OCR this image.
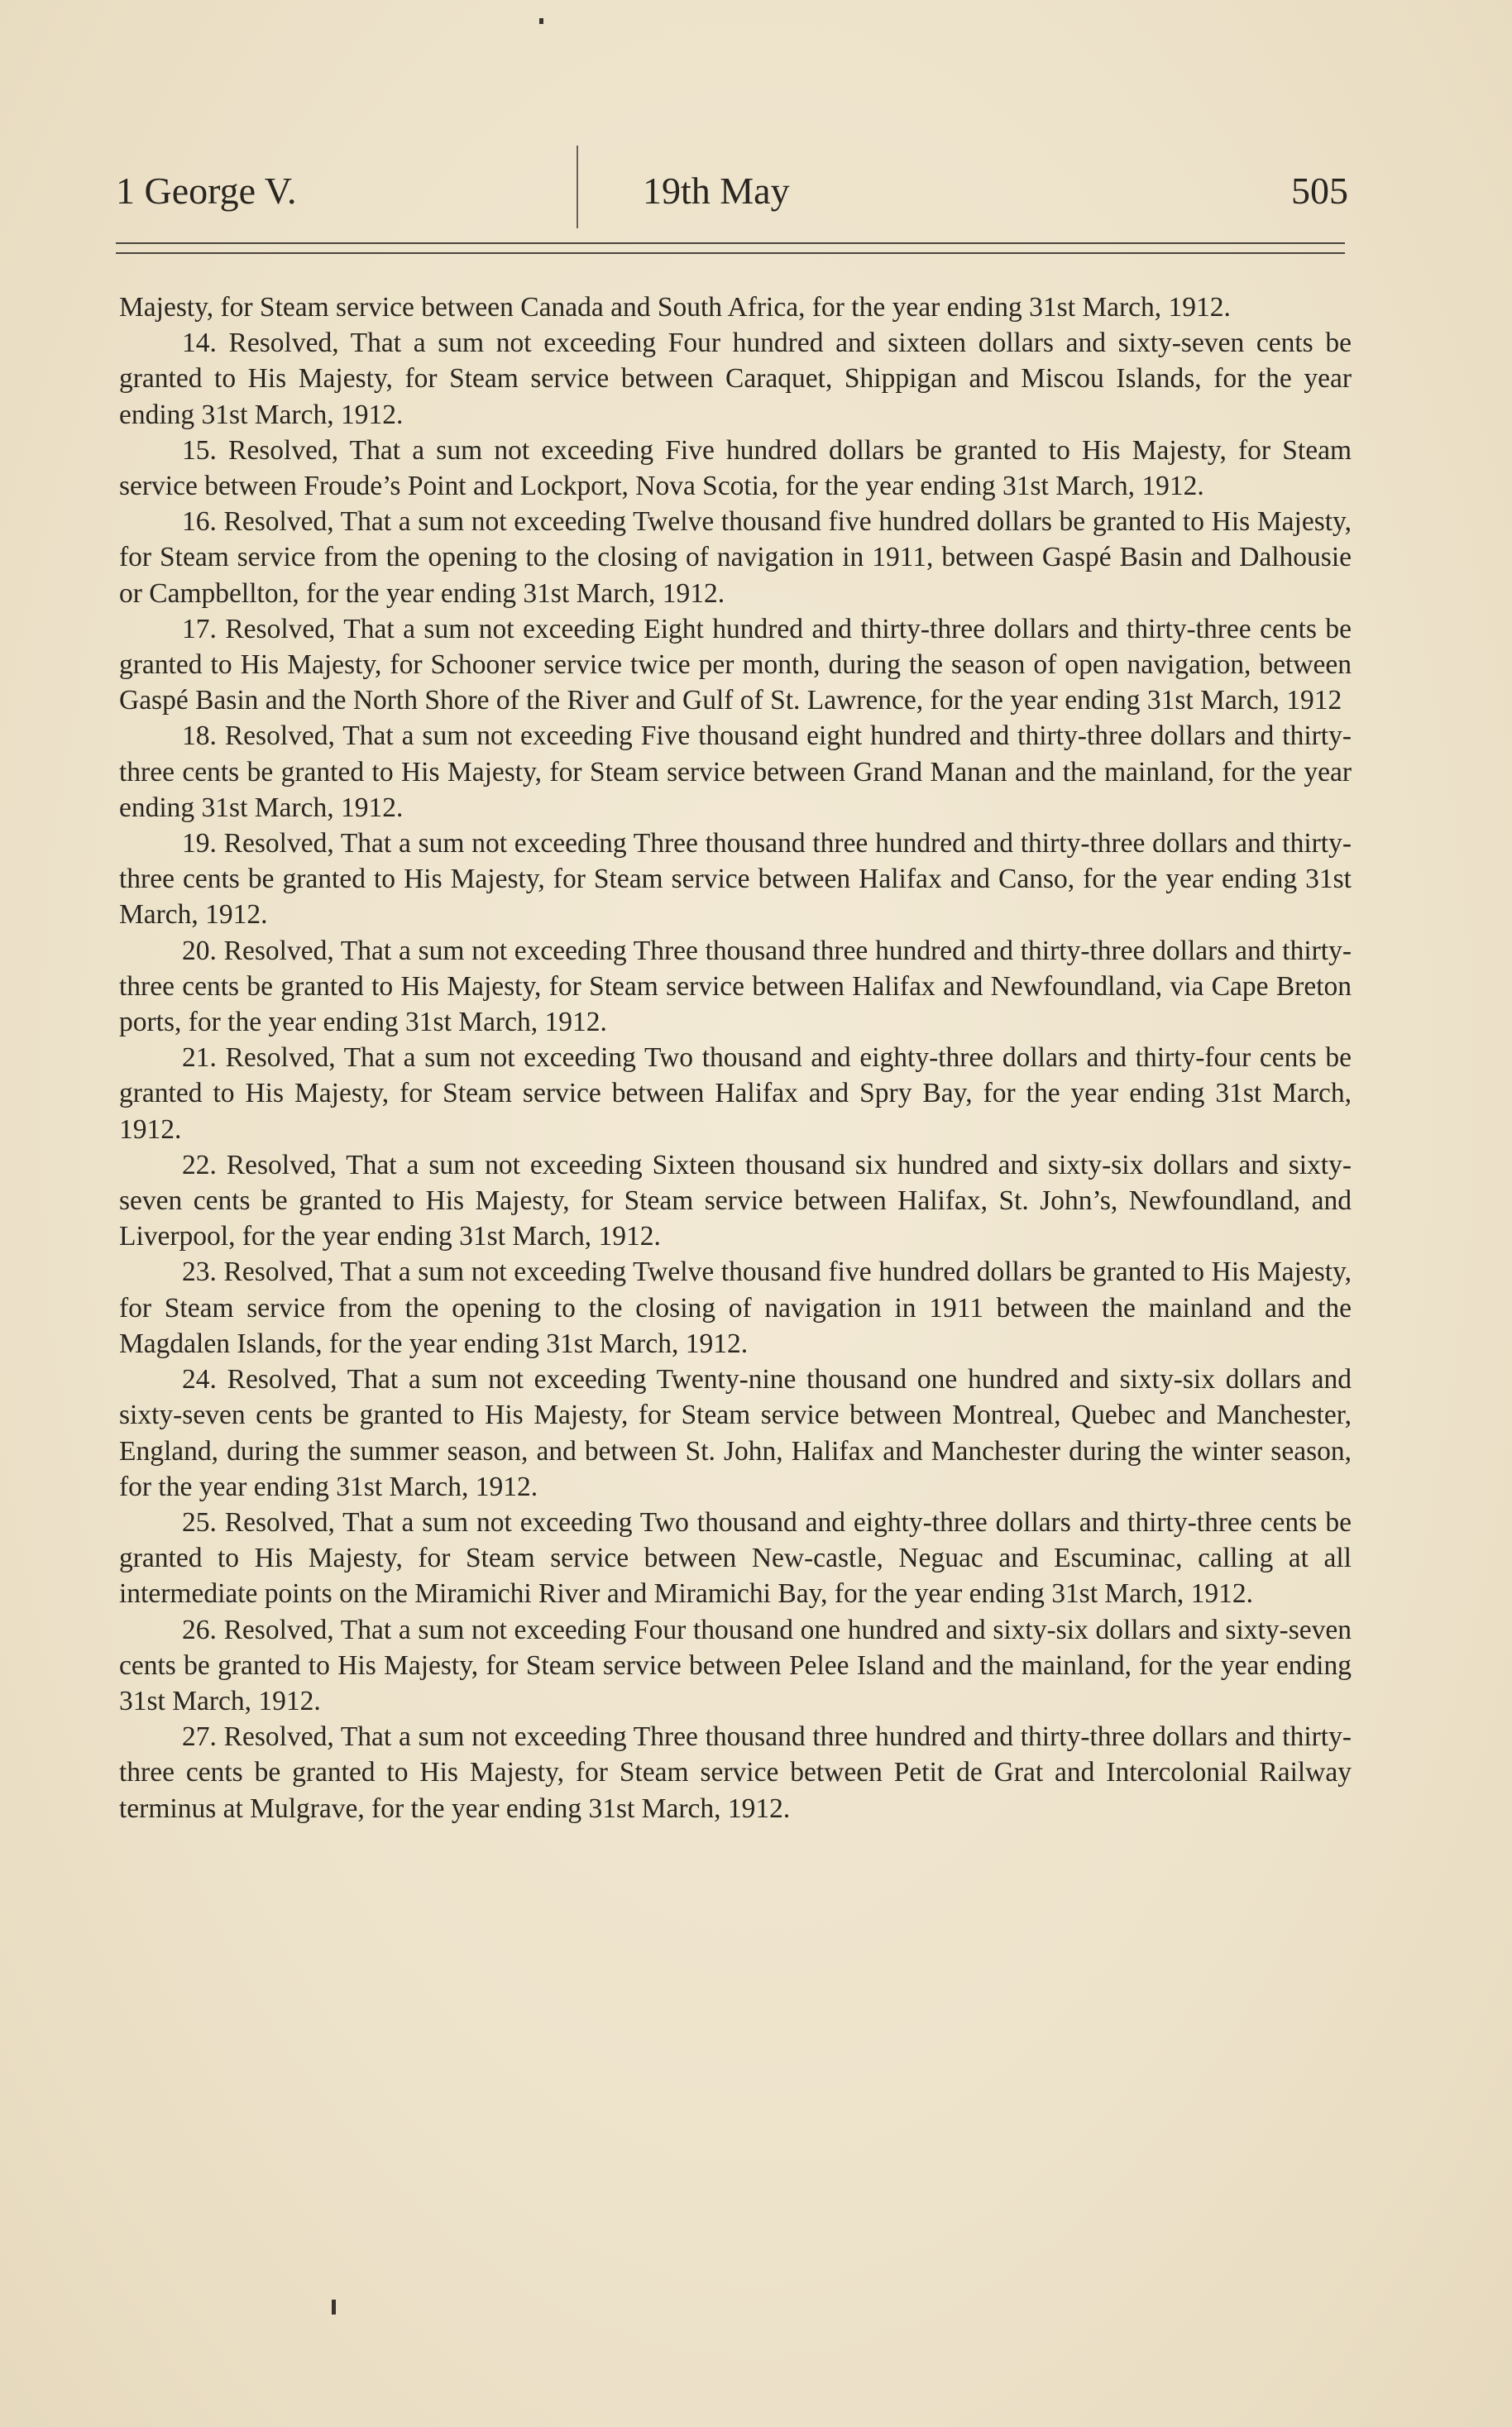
1 George V.	19th May	505

Majesty, for Steam service between Canada and South Africa, for the year ending 31st March, 1912.

14. Resolved, That a sum not exceeding Four hundred and sixteen dollars and sixty-seven cents be granted to His Majesty, for Steam service between Caraquet, Shippigan and Miscou Islands, for the year ending 31st March, 1912.

15. Resolved, That a sum not exceeding Five hundred dollars be granted to His Majesty, for Steam service between Froude’s Point and Lockport, Nova Scotia, for the year ending 31st March, 1912.

16. Resolved, That a sum not exceeding Twelve thousand five hundred dollars be granted to His Majesty, for Steam service from the opening to the closing of navigation in 1911, between Gaspé Basin and Dalhousie or Campbellton, for the year ending 31st March, 1912.

17. Resolved, That a sum not exceeding Eight hundred and thirty-three dollars and thirty-three cents be granted to His Majesty, for Schooner service twice per month, during the season of open navigation, between Gaspé Basin and the North Shore of the River and Gulf of St. Lawrence, for the year ending 31st March, 1912

18. Resolved, That a sum not exceeding Five thousand eight hundred and thirty-three dollars and thirty-three cents be granted to His Majesty, for Steam service between Grand Manan and the mainland, for the year ending 31st March, 1912.

19. Resolved, That a sum not exceeding Three thousand three hundred and thirty-three dollars and thirty-three cents be granted to His Majesty, for Steam service between Halifax and Canso, for the year ending 31st March, 1912.

20. Resolved, That a sum not exceeding Three thousand three hundred and thirty-three dollars and thirty-three cents be granted to His Majesty, for Steam service between Halifax and Newfoundland, via Cape Breton ports, for the year ending 31st March, 1912.

21. Resolved, That a sum not exceeding Two thousand and eighty-three dollars and thirty-four cents be granted to His Majesty, for Steam service between Halifax and Spry Bay, for the year ending 31st March, 1912.

22. Resolved, That a sum not exceeding Sixteen thousand six hundred and sixty-six dollars and sixty-seven cents be granted to His Majesty, for Steam service between Halifax, St. John’s, Newfoundland, and Liverpool, for the year ending 31st March, 1912.

23. Resolved, That a sum not exceeding Twelve thousand five hundred dollars be granted to His Majesty, for Steam service from the opening to the closing of navigation in 1911 between the mainland and the Magdalen Islands, for the year ending 31st March, 1912.

24. Resolved, That a sum not exceeding Twenty-nine thousand one hundred and sixty-six dollars and sixty-seven cents be granted to His Majesty, for Steam service between Montreal, Quebec and Manchester, England, during the summer season, and between St. John, Halifax and Manchester during the winter season, for the year ending 31st March, 1912.

25. Resolved, That a sum not exceeding Two thousand and eighty-three dollars and thirty-three cents be granted to His Majesty, for Steam service between New-castle, Neguac and Escuminac, calling at all intermediate points on the Miramichi River and Miramichi Bay, for the year ending 31st March, 1912.

26. Resolved, That a sum not exceeding Four thousand one hundred and sixty-six dollars and sixty-seven cents be granted to His Majesty, for Steam service between Pelee Island and the mainland, for the year ending 31st March, 1912.

27. Resolved, That a sum not exceeding Three thousand three hundred and thirty-three dollars and thirty-three cents be granted to His Majesty, for Steam service between Petit de Grat and Intercolonial Railway terminus at Mulgrave, for the year ending 31st March, 1912.
